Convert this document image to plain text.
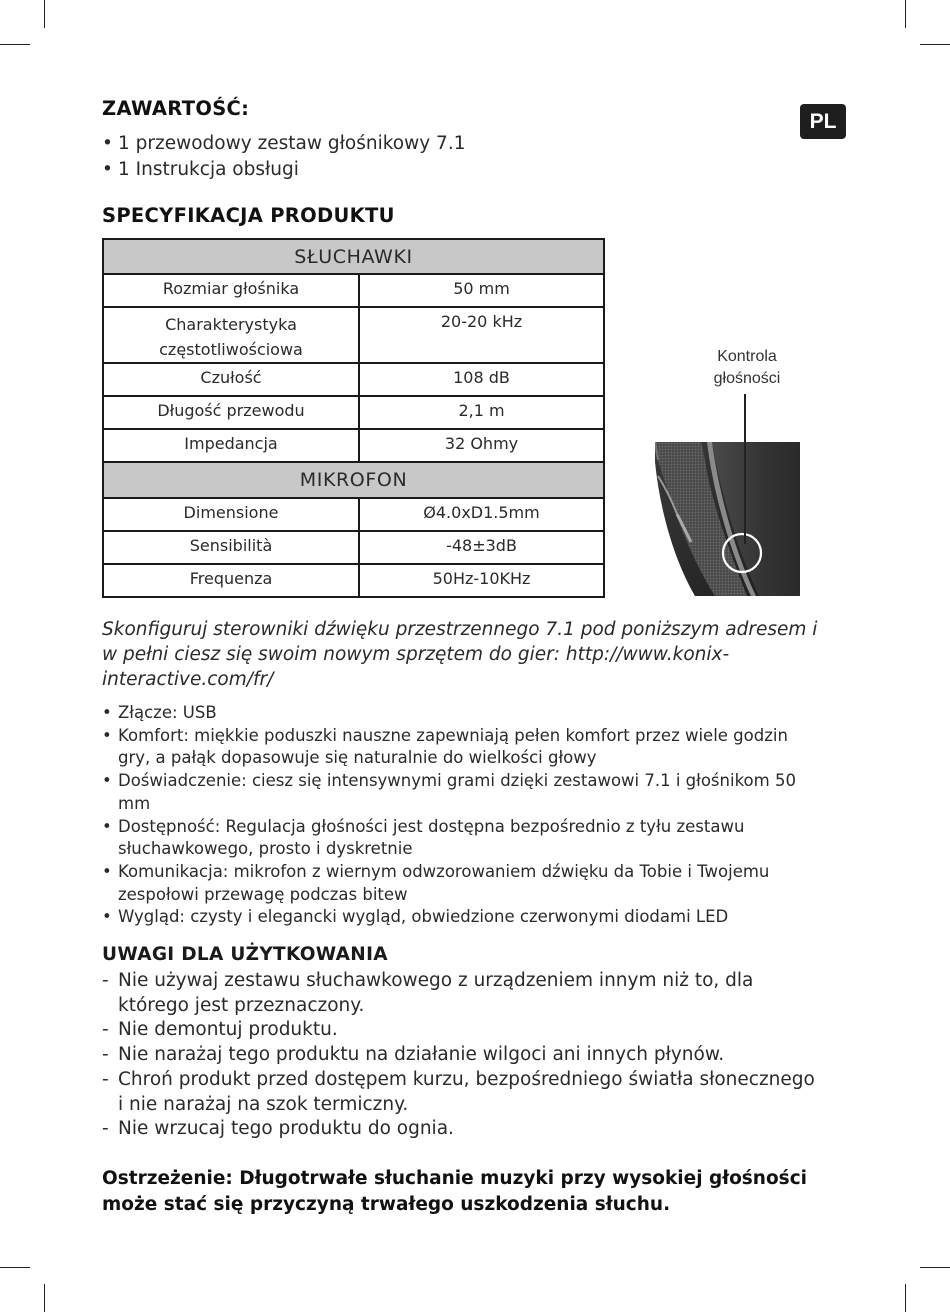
PL
ZAWARTOŚĆ:
• 1 przewodowy zestaw głośnikowy 7.1
• 1 Instrukcja obsługi
SPECYFIKACJA PRODUKTU
SŁUCHAWKI	
Rozmiar głośnika	50 mm
Charakterystyka częstotliwościowa	20-20 kHz
Czułość	108 dB
Długość przewodu	2,1 m
Impedancja	32 Ohmy
MIKROFON	
Dimensione	Ø4.0xD1.5mm
Sensibilità	-48±3dB
Frequenza	50Hz-10KHz
Kontrola głośności

Skonfiguruj sterowniki dźwięku przestrzennego 7.1 pod poniższym adresem i w pełni ciesz się swoim nowym sprzętem do gier: http://www.konix-interactive.com/fr/

• Złącze: USB
• Komfort: miękkie poduszki nauszne zapewniają pełen komfort przez wiele godzin gry, a pałąk dopasowuje się naturalnie do wielkości głowy
• Doświadczenie: ciesz się intensywnymi grami dzięki zestawowi 7.1 i głośnikom 50 mm
• Dostępność: Regulacja głośności jest dostępna bezpośrednio z tyłu zestawu słuchawkowego, prosto i dyskretnie
• Komunikacja: mikrofon z wiernym odwzorowaniem dźwięku da Tobie i Twojemu zespołowi przewagę podczas bitew
• Wygląd: czysty i elegancki wygląd, obwiedzione czerwonymi diodami LED
UWAGI DLA UŻYTKOWANIA
- Nie używaj zestawu słuchawkowego z urządzeniem innym niż to, dla którego jest przeznaczony.
- Nie demontuj produktu.
- Nie narażaj tego produktu na działanie wilgoci ani innych płynów.
- Chroń produkt przed dostępem kurzu, bezpośredniego światła słonecznego i nie narażaj na szok termiczny.
- Nie wrzucaj tego produktu do ognia.

Ostrzeżenie: Długotrwałe słuchanie muzyki przy wysokiej głośności może stać się przyczyną trwałego uszkodzenia słuchu.
